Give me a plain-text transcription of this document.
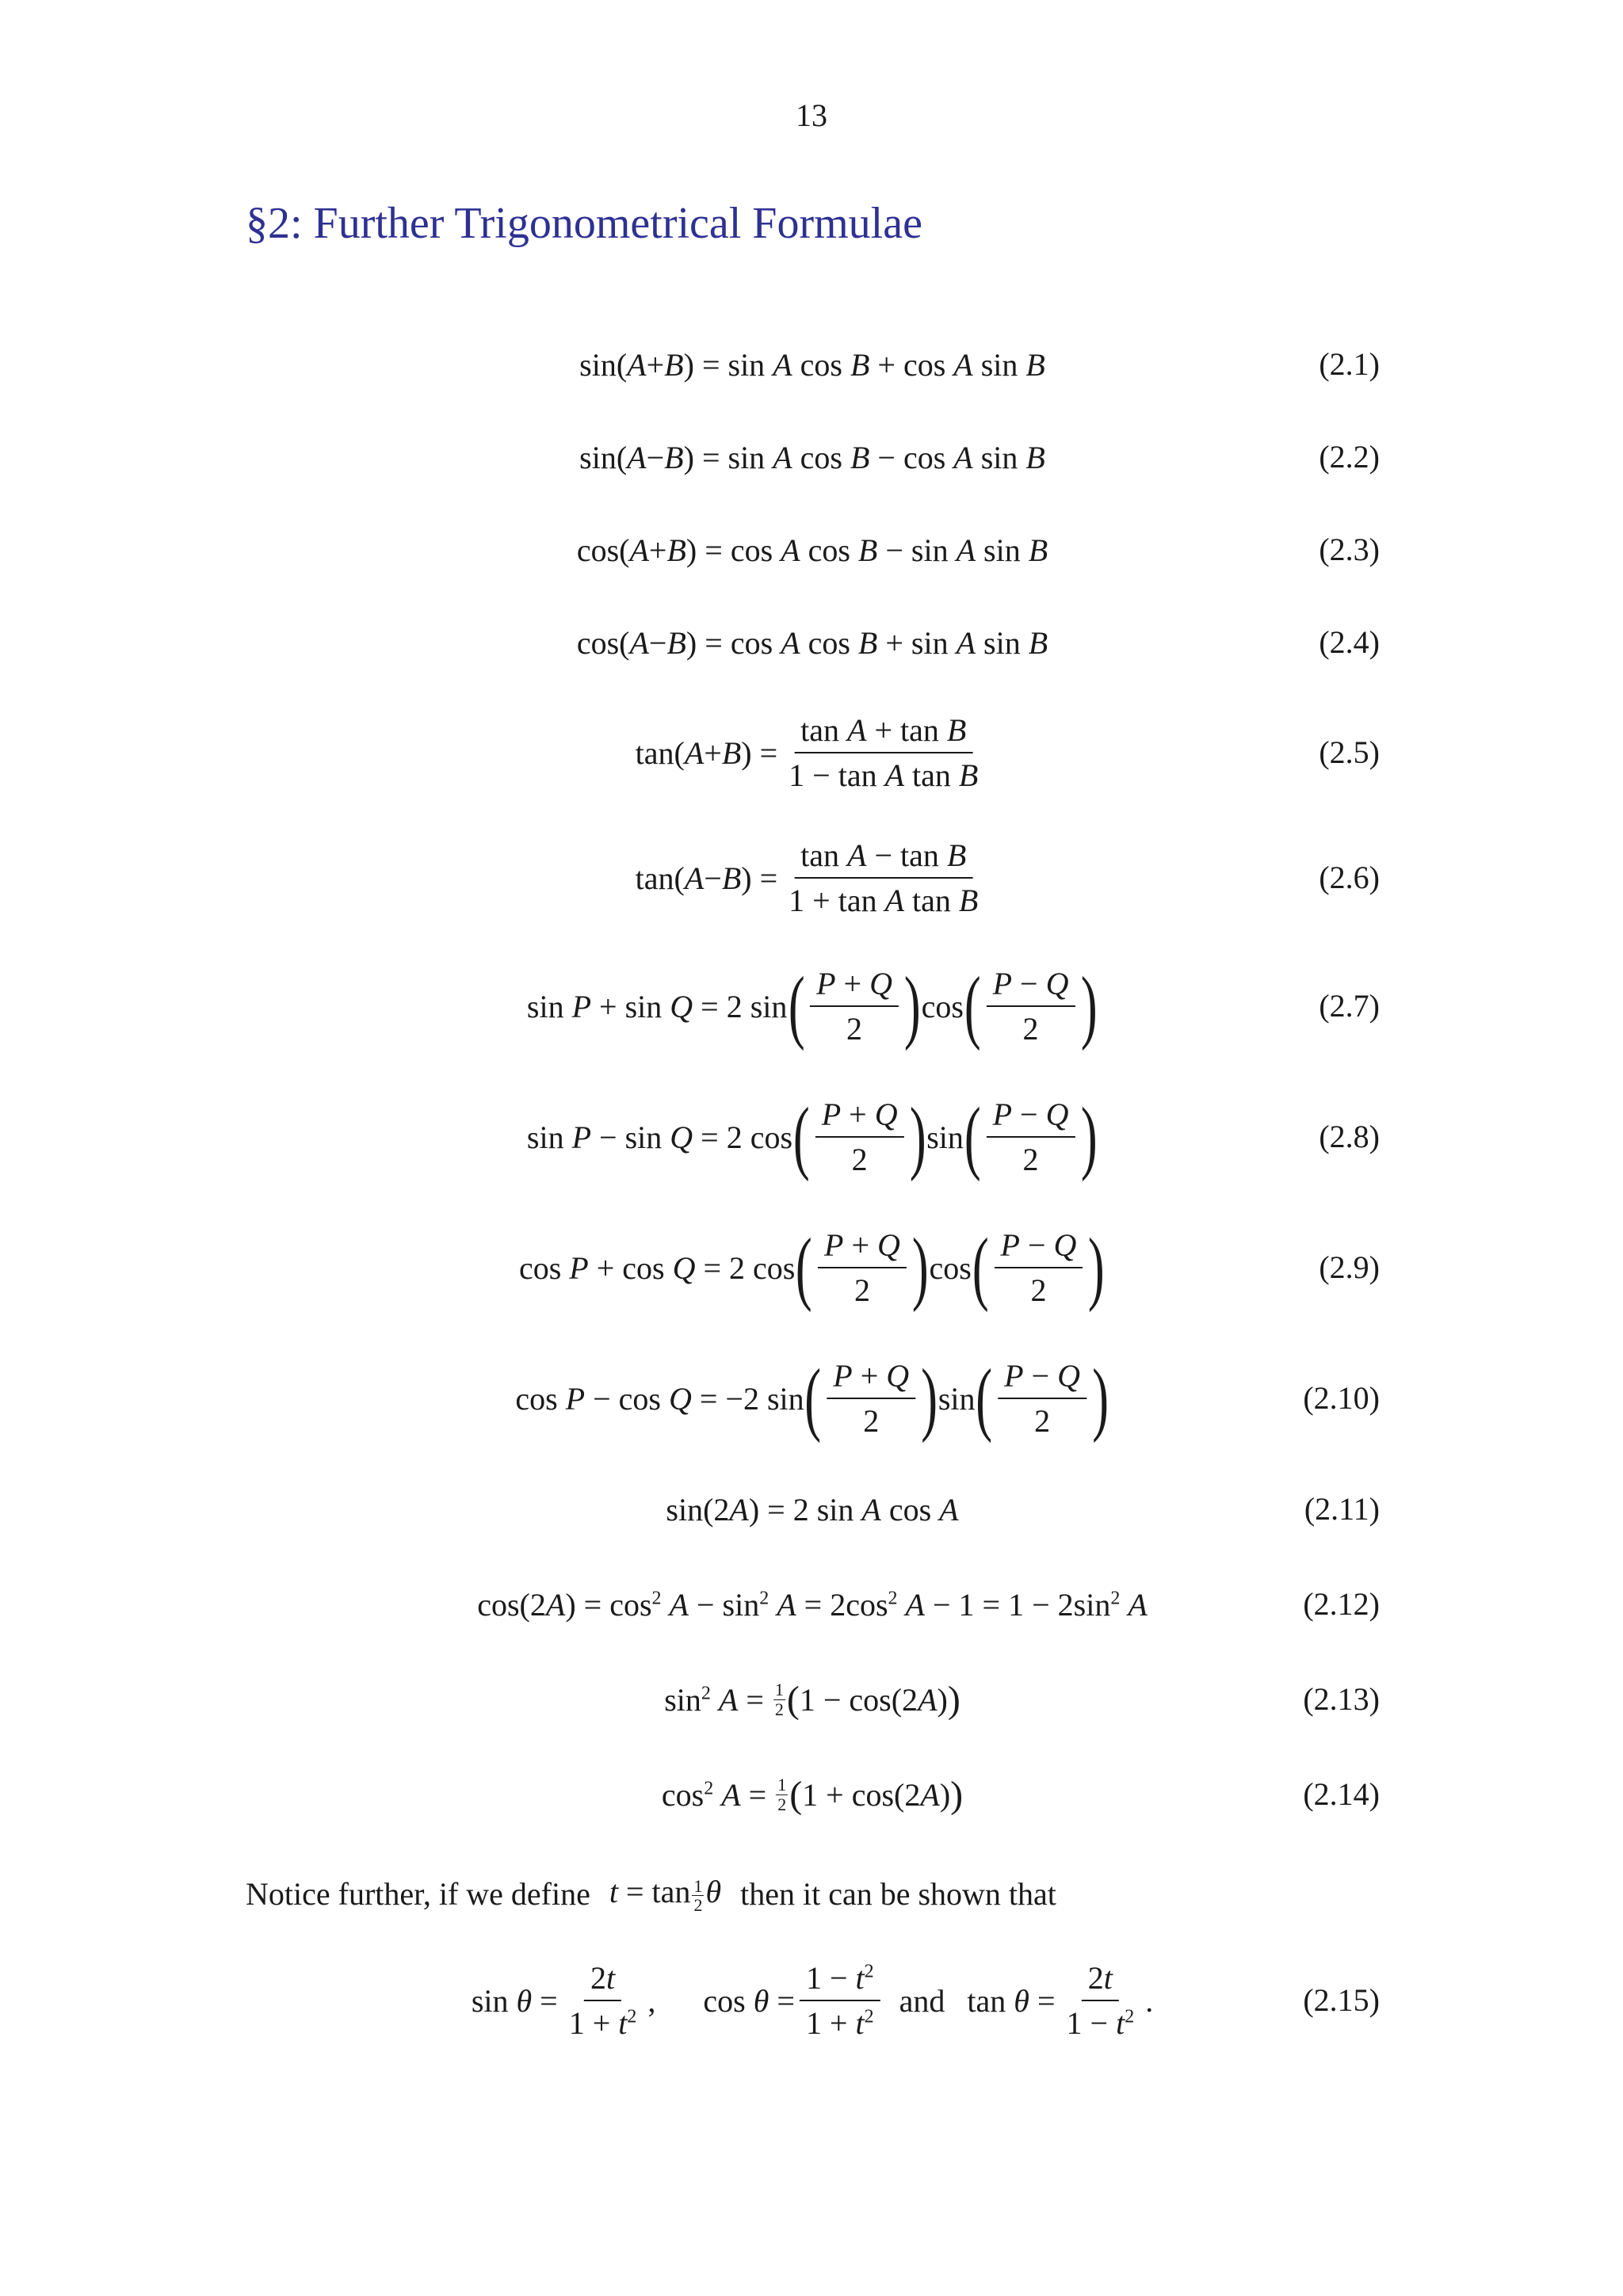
13
§2: Further Trigonometrical Formulae
sin ( A + B ) = sin A cos B + cos A sin B	(2.1)
sin ( A − B ) = sin A cos B − cos A sin B	(2.2)
cos ( A + B ) = cos A cos B − sin A sin B	(2.3)
cos ( A − B ) = cos A cos B + sin A sin B	(2.4)
tan ( A + B ) = $\frac{\text{tan A + tan B}}{\text{1 − tan A tan B}}$	(2.5)
tan ( A − B ) = $\frac{\text{tan A − tan B}}{\text{1 + tan A tan B}}$	(2.6)
sin P + sin Q = 2 sin ( $\frac{P + Q}{2}$ ) cos ( $\frac{P - Q}{2}$ )	(2.7)
sin P − sin Q = 2 cos ( $\frac{P + Q}{2}$ ) sin ( $\frac{P - Q}{2}$ )	(2.8)
cos P + cos Q = 2 cos ( $\frac{P + Q}{2}$ ) cos ( $\frac{P - Q}{2}$ )	(2.9)
cos P − cos Q = −2 sin ( $\frac{P + Q}{2}$ ) sin ( $\frac{P - Q}{2}$ )	(2.10)
sin(2 A ) = 2 sin A cos A	(2.11)
cos(2 A ) = $\cos^2 A - \sin^2 A = 2\cos^2$ $A - 1 = 1 - 2\sin^2$ A	(2.12)
$\sin^2 A = \frac{1}{2}$ ( 1 − cos(2 A ) )	(2.13)
$\cos^2 A = \frac{1}{2}$ ( 1 + cos(2 A ) )	(2.14)
Notice further, if we define $t = \tan \frac{1}{2}$ θ then it can be shown that
$\sin \theta = \frac{2t}{1 + t^2}$ , $\cos \theta = \frac{1 - t^2}{1 + t^2}$ and $\tan \theta = \frac{2t}{1 - t^2}$ .	(2.15)
